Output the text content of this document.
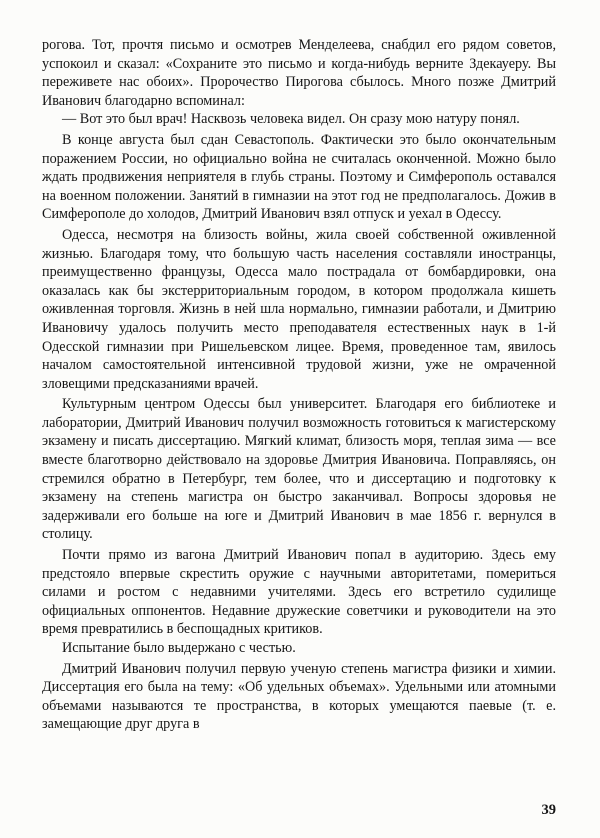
рогова. Тот, прочтя письмо и осмотрев Менделеева, снабдил его рядом советов, успокоил и сказал: «Сохраните это письмо и когда-нибудь верните Здекауеру. Вы переживете нас обоих». Пророчество Пирогова сбылось. Много позже Дмитрий Иванович благодарно вспоминал:

— Вот это был врач! Насквозь человека видел. Он сразу мою натуру понял.

В конце августа был сдан Севастополь. Фактически это было окончательным поражением России, но официально война не считалась оконченной. Можно было ждать продвижения неприятеля в глубь страны. Поэтому и Симферополь оставался на военном положении. Занятий в гимназии на этот год не предполагалось. Дожив в Симферополе до холодов, Дмитрий Иванович взял отпуск и уехал в Одессу.

Одесса, несмотря на близость войны, жила своей собственной оживленной жизнью. Благодаря тому, что большую часть населения составляли иностранцы, преимущественно французы, Одесса мало пострадала от бомбардировки, она оказалась как бы экстерриториальным городом, в котором продолжала кишеть оживленная торговля. Жизнь в ней шла нормально, гимназии работали, и Дмитрию Ивановичу удалось получить место преподавателя естественных наук в 1-й Одесской гимназии при Ришельевском лицее. Время, проведенное там, явилось началом самостоятельной интенсивной трудовой жизни, уже не омраченной зловещими предсказаниями врачей.

Культурным центром Одессы был университет. Благодаря его библиотеке и лаборатории, Дмитрий Иванович получил возможность готовиться к магистерскому экзамену и писать диссертацию. Мягкий климат, близость моря, теплая зима — все вместе благотворно действовало на здоровье Дмитрия Ивановича. Поправляясь, он стремился обратно в Петербург, тем более, что и диссертацию и подготовку к экзамену на степень магистра он быстро заканчивал. Вопросы здоровья не задерживали его больше на юге и Дмитрий Иванович в мае 1856 г. вернулся в столицу.

Почти прямо из вагона Дмитрий Иванович попал в аудиторию. Здесь ему предстояло впервые скрестить оружие с научными авторитетами, помериться силами и ростом с недавними учителями. Здесь его встретило судилище официальных оппонентов. Недавние дружеские советчики и руководители на это время превратились в беспощадных критиков.

Испытание было выдержано с честью.

Дмитрий Иванович получил первую ученую степень магистра физики и химии. Диссертация его была на тему: «Об удельных объемах». Удельными или атомными объемами называются те пространства, в которых умещаются паевые (т. е. замещающие друг друга в

39
